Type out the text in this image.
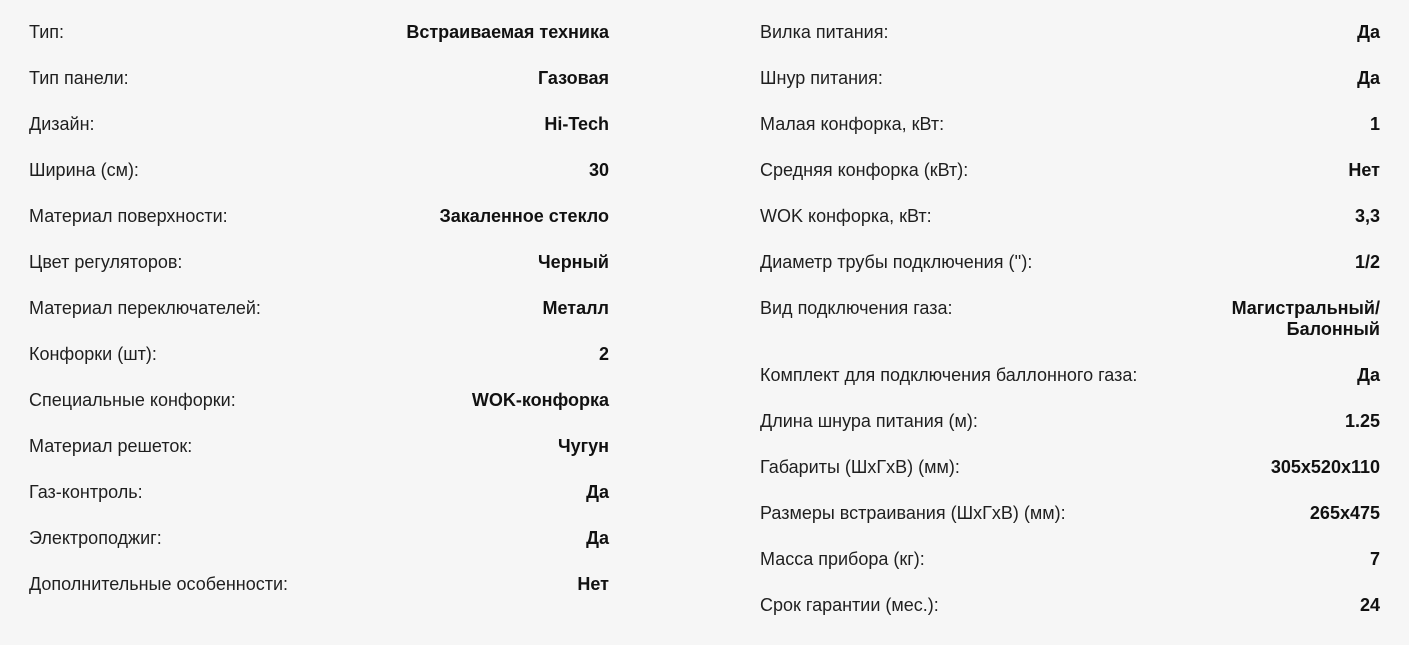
Тип:	Встраиваемая техника
Тип панели:	Газовая
Дизайн:	Hi-Tech
Ширина (см):	30
Материал поверхности:	Закаленное стекло
Цвет регуляторов:	Черный
Материал переключателей:	Металл
Конфорки (шт):	2
Специальные конфорки:	WOK-конфорка
Материал решеток:	Чугун
Газ-контроль:	Да
Электроподжиг:	Да
Дополнительные особенности:	Нет
Вилка питания:	Да
Шнур питания:	Да
Малая конфорка, кВт:	1
Средняя конфорка (кВт):	Нет
WOK конфорка, кВт:	3,3
Диаметр трубы подключения (''):	1/2
Вид подключения газа:	Магистральный/
Балонный
Комплект для подключения баллонного газа:	Да
Длина шнура питания (м):	1.25
Габариты (ШхГхВ) (мм):	305х520х110
Размеры встраивания (ШхГхВ) (мм):	265х475
Масса прибора (кг):	7
Срок гарантии (мес.):	24
